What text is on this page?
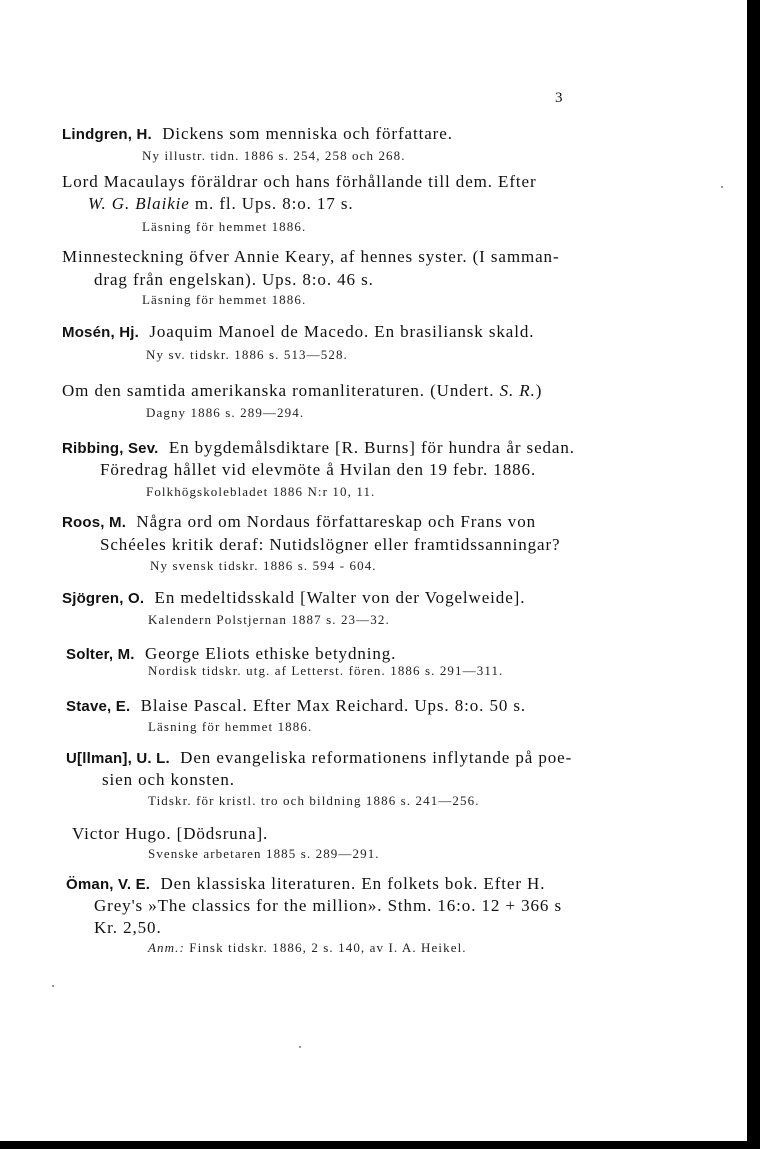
3
Lindgren, H. Dickens som menniska och författare.
Ny illustr. tidn. 1886 s. 254, 258 och 268.
Lord Macaulays föräldrar och hans förhållande till dem. Efter
W. G. Blaikie m. fl. Ups. 8:o. 17 s.
Läsning för hemmet 1886.
Minnesteckning öfver Annie Keary, af hennes syster. (I samman-
drag från engelskan). Ups. 8:o. 46 s.
Läsning för hemmet 1886.
Mosén, Hj. Joaquim Manoel de Macedo. En brasiliansk skald.
Ny sv. tidskr. 1886 s. 513—528.
Om den samtida amerikanska romanliteraturen. (Undert. S. R.)
Dagny 1886 s. 289—294.
Ribbing, Sev. En bygdemålsdiktare [R. Burns] för hundra år sedan.
Föredrag hållet vid elevmöte å Hvilan den 19 febr. 1886.
Folkhögskolebladet 1886 N:r 10, 11.
Roos, M. Några ord om Nordaus författareskap och Frans von
Schéeles kritik deraf: Nutidslögner eller framtidssanningar?
Ny svensk tidskr. 1886 s. 594 - 604.
Sjögren, O. En medeltidsskald [Walter von der Vogelweide].
Kalendern Polstjernan 1887 s. 23—32.
Solter, M. George Eliots ethiske betydning.
Nordisk tidskr. utg. af Letterst. fören. 1886 s. 291—311.
Stave, E. Blaise Pascal. Efter Max Reichard. Ups. 8:o. 50 s.
Läsning för hemmet 1886.
U[llman], U. L. Den evangeliska reformationens inflytande på poe-
sien och konsten.
Tidskr. för kristl. tro och bildning 1886 s. 241—256.
Victor Hugo. [Dödsruna].
Svenske arbetaren 1885 s. 289—291.
Öman, V. E. Den klassiska literaturen. En folkets bok. Efter H.
Grey's »The classics for the million». Sthm. 16:o. 12 + 366 s
Kr. 2,50.
Anm.: Finsk tidskr. 1886, 2 s. 140, av I. A. Heikel.
